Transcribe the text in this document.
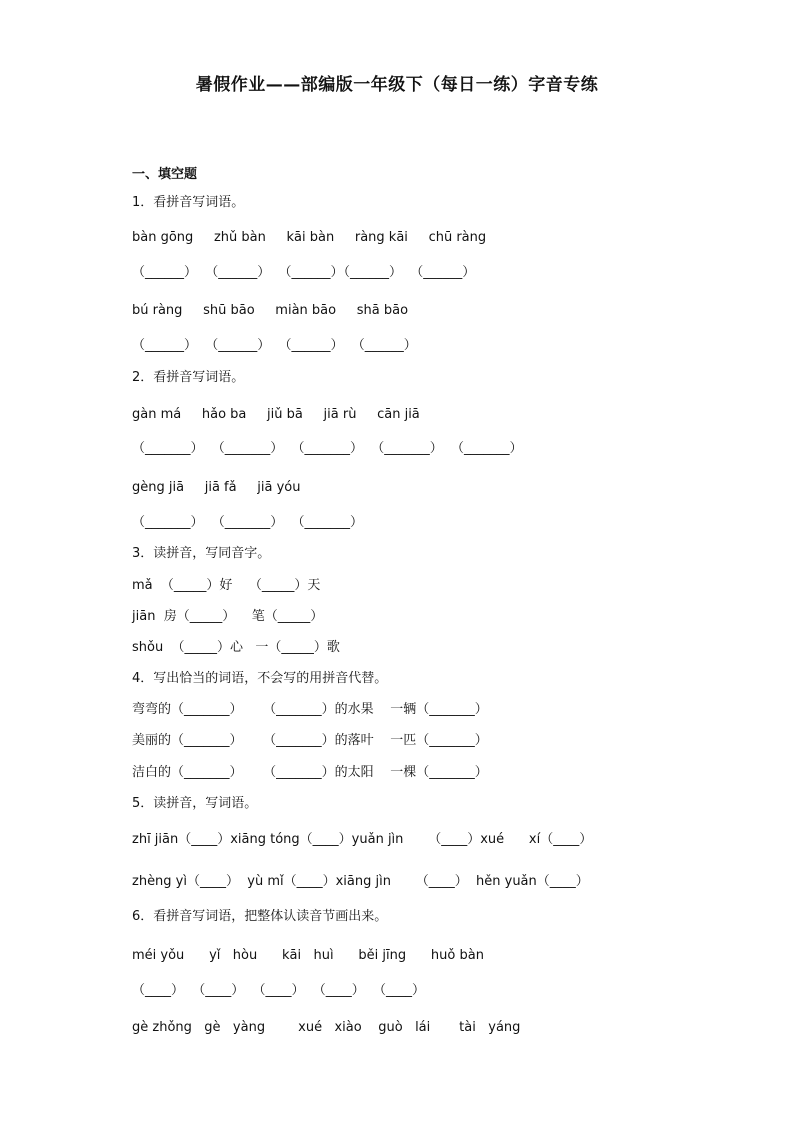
暑假作业——部编版一年级下（每日一练）字音专练
一、填空题
1．看拼音写词语。
bàn gōng     zhǔ bàn     kāi bàn     ràng kāi     chū ràng
（______）  （______）  （______）（______）  （______）
bú ràng     shū bāo     miàn bāo     shā bāo
（______）  （______）  （______）  （______）
2．看拼音写词语。
gàn má     hǎo ba     jiǔ bā     jiā rù     cān jiā
（_______）  （_______）  （_______）  （_______）  （_______）
gèng jiā     jiā fǎ     jiā yóu
（_______）  （_______）  （_______）
3．读拼音，写同音字。
mǎ  （_____）好    （_____）天
jiān  房（_____）    笔（_____）
shǒu  （_____）心   一（_____）歌
4．写出恰当的词语，不会写的用拼音代替。
弯弯的（_______）     （_______）的水果    一辆（_______）
美丽的（_______）     （_______）的落叶    一匹（_______）
洁白的（_______）     （_______）的太阳    一棵（_______）
5．读拼音，写词语。
zhī jiān（____）xiāng tóng（____）yuǎn jìn      （____）xué      xí（____）
zhèng yì（____）  yù mǐ（____）xiāng jìn      （____）  hěn yuǎn（____）
6．看拼音写词语，把整体认读音节画出来。
méi yǒu      yǐ   hòu      kāi   huì      běi jīng      huǒ bàn
（____）  （____）  （____）  （____）  （____）
gè zhǒng   gè   yàng        xué   xiào    guò   lái       tài   yáng
